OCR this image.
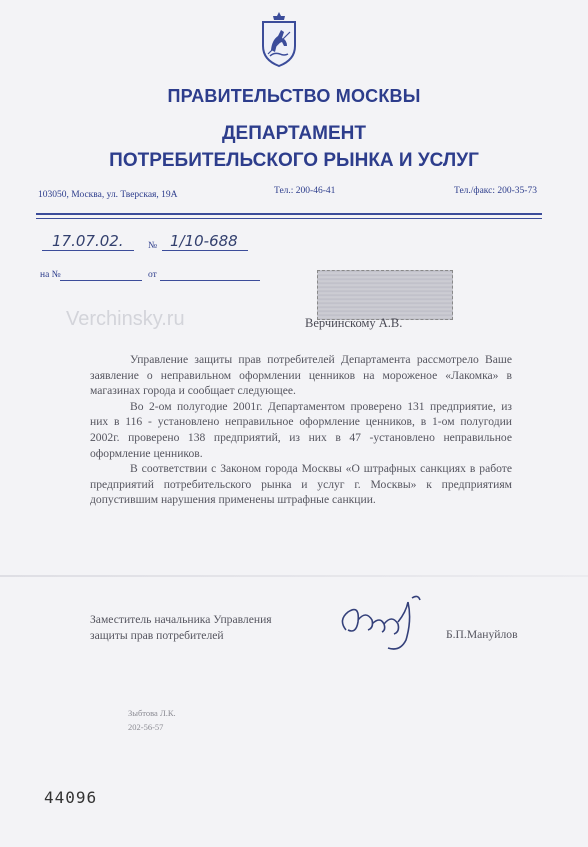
ПРАВИТЕЛЬСТВО МОСКВЫ
ДЕПАРТАМЕНТ
ПОТРЕБИТЕЛЬСКОГО РЫНКА И УСЛУГ
103050, Москва, ул. Тверская, 19А	Тел.: 200-46-41	Тел./факс: 200-35-73
17.07.02.	№ 1/10-688
на №	от
Верчинскому А.В.
Verchinsky.ru

Управление защиты прав потребителей Департамента рассмотрело Ваше заявление о неправильном оформлении ценников на мороженое «Лакомка» в магазинах города и сообщает следующее.

Во 2-ом полугодие 2001г. Департаментом проверено 131 предприятие, из них в 116 - установлено неправильное оформление ценников, в 1-ом полугодии 2002г. проверено 138 предприятий, из них в 47 -установлено неправильное оформление ценников.

В соответствии с Законом города Москвы «О штрафных санкциях в работе предприятий потребительского рынка и услуг г. Москвы» к предприятиям допустившим нарушения применены штрафные санкции.

Заместитель начальника Управления
защиты прав потребителей	Б.П.Мануйлов
Зыбтова Л.К.
202-56-57
44096
